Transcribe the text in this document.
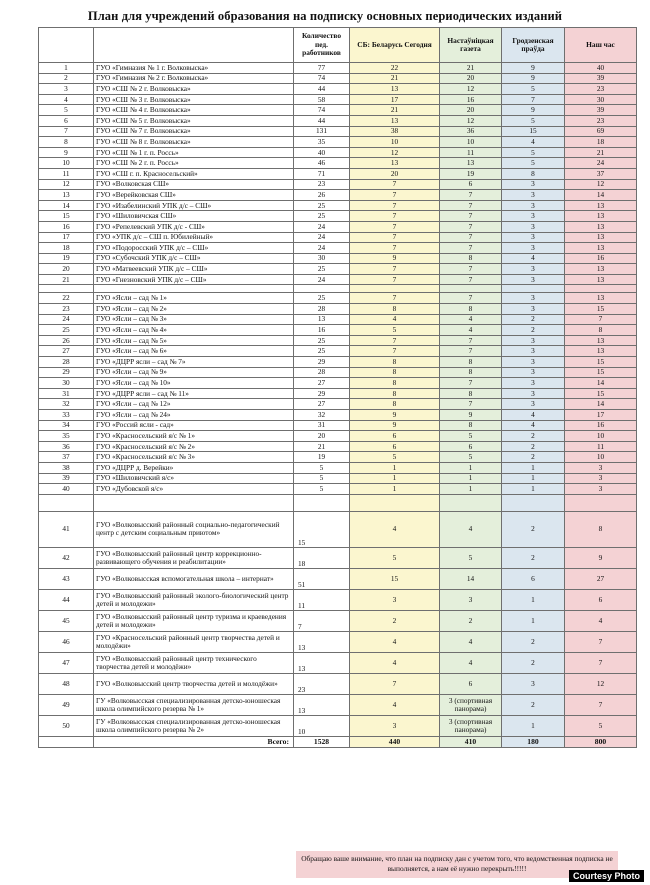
План для учреждений образования на подписку основных периодических изданий
		Количество пед. работников	СБ: Беларусь Сегодня	Настаўніцкая газета	Гродзенская праўда	Наш час
1	ГУО «Гимназия № 1 г. Волковыска»	77	22	21	9	40
2	ГУО «Гимназия № 2 г. Волковыска»	74	21	20	9	39
3	ГУО «СШ № 2 г. Волковыска»	44	13	12	5	23
4	ГУО «СШ № 3 г. Волковыска»	58	17	16	7	30
5	ГУО «СШ № 4 г. Волковыска»	74	21	20	9	39
6	ГУО «СШ № 5 г. Волковыска»	44	13	12	5	23
7	ГУО «СШ № 7 г. Волковыска»	131	38	36	15	69
8	ГУО «СШ № 8 г. Волковыска»	35	10	10	4	18
9	ГУО «СШ № 1 г. п. Россь»	40	12	11	5	21
10	ГУО «СШ № 2 г. п. Россь»	46	13	13	5	24
11	ГУО «СШ г. п. Красносельский»	71	20	19	8	37
12	ГУО «Волковская СШ»	23	7	6	3	12
13	ГУО «Верейковская СШ»	26	7	7	3	14
14	ГУО «Изабелинский УПК д/с – СШ»	25	7	7	3	13
15	ГУО «Шиловичская СШ»	25	7	7	3	13
16	ГУО «Репелевский УПК д/с - СШ»	24	7	7	3	13
17	ГУО «УПК д/с – СШ п. Юбилейный»	24	7	7	3	13
18	ГУО «Подоросский УПК д/с – СШ»	24	7	7	3	13
19	ГУО «Субочский УПК д/с – СШ»	30	9	8	4	16
20	ГУО «Матвеевский УПК д/с – СШ»	25	7	7	3	13
21	ГУО «Гнезновский УПК д/с – СШ»	24	7	7	3	13

22	ГУО «Ясли – сад № 1»	25	7	7	3	13
23	ГУО «Ясли – сад № 2»	28	8	8	3	15
24	ГУО «Ясли – сад № 3»	13	4	4	2	7
25	ГУО «Ясли – сад № 4»	16	5	4	2	8
26	ГУО «Ясли – сад № 5»	25	7	7	3	13
27	ГУО «Ясли – сад № 6»	25	7	7	3	13
28	ГУО «ДЦРР ясли – сад № 7»	29	8	8	3	15
29	ГУО «Ясли – сад № 9»	28	8	8	3	15
30	ГУО «Ясли – сад № 10»	27	8	7	3	14
31	ГУО «ДЦРР ясли – сад № 11»	29	8	8	3	15
32	ГУО «Ясли – сад № 12»	27	8	7	3	14
33	ГУО «Ясли – сад № 24»	32	9	9	4	17
34	ГУО «Россий ясли - сад»	31	9	8	4	16
35	ГУО «Красносельский я/с № 1»	20	6	5	2	10
36	ГУО «Красносельский я/с № 2»	21	6	6	2	11
37	ГУО «Красносельский я/с № 3»	19	5	5	2	10
38	ГУО «ДЦРР д. Верейки»	5	1	1	1	3
39	ГУО «Шиловичский я/с»	5	1	1	1	3
40	ГУО «Дубовской я/с»	5	1	1	1	3

41	ГУО «Волковысский районный социально-педагогический центр с детским социальным приютом»	15	4	4	2	8
42	ГУО «Волковысский районный центр коррекционно-развивающего обучения и реабилитации»	18	5	5	2	9
43	ГУО «Волковысская вспомогательная школа – интернат»	51	15	14	6	27
44	ГУО «Волковысский районный эколого-биологический центр детей и молодежи»	11	3	3	1	6
45	ГУО «Волковысский районный центр туризма и краеведения детей и молодежи»	7	2	2	1	4
46	ГУО «Красносельский районный центр творчества детей и молодёжи»	13	4	4	2	7
47	ГУО «Волковысский районный центр технического творчества детей и молодёжи»	13	4	4	2	7
48	ГУО «Волковысский центр творчества детей и молодёжи»	23	7	6	3	12
49	ГУ «Волковысская специализированная детско-юношеская школа олимпийского резерва № 1»	13	4	3 (спортивная панорама)	2	7
50	ГУ «Волковысская специализированная детско-юношеская школа олимпийского резерва № 2»	10	3	3 (спортивная панорама)	1	5
	Всего:	1528	440	410	180	800
Обращаю ваше внимание, что план на подписку дан с учетом того, что ведомственная подписка не выполняется, а нам её нужно перекрыть!!!!!
Courtesy Photo
